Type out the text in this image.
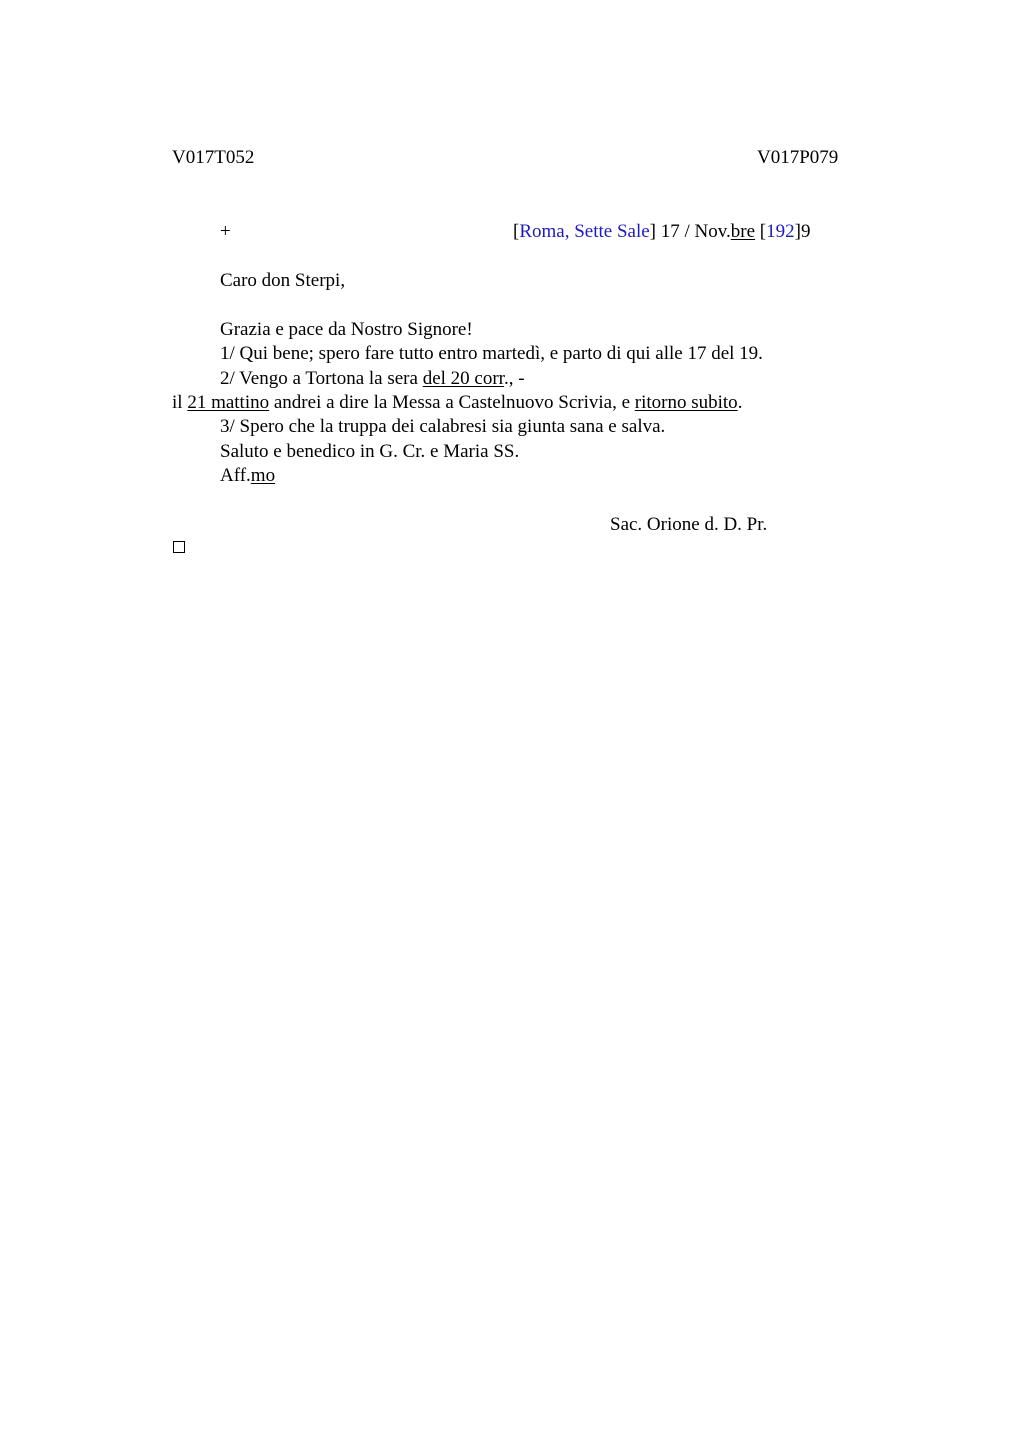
V017T052	V017P079
+	[Roma, Sette Sale] 17 / Nov.bre [192]9
Caro don Sterpi,
Grazia e pace da Nostro Signore!
1/ Qui bene; spero fare tutto entro martedì, e parto di qui alle 17 del 19.
2/ Vengo a Tortona la sera del 20 corr., -
il 21 mattino andrei a dire la Messa a Castelnuovo Scrivia, e ritorno subito.
3/ Spero che la truppa dei calabresi sia giunta sana e salva.
Saluto e benedico in G. Cr. e Maria SS.
Aff.mo
Sac. Orione d. D. Pr.
